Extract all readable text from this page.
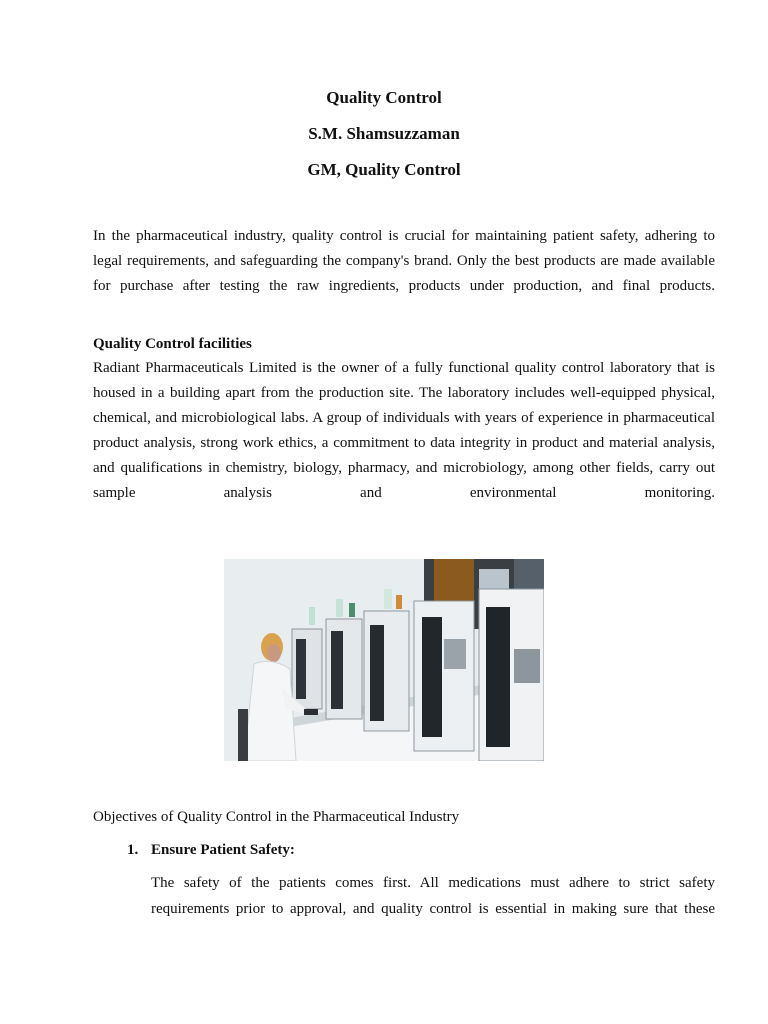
Quality Control
S.M. Shamsuzzaman
GM, Quality Control

In the pharmaceutical industry, quality control is crucial for maintaining patient safety, adhering to legal requirements, and safeguarding the company's brand. Only the best products are made available for purchase after testing the raw ingredients, products under production, and final products.

Quality Control facilities

Radiant Pharmaceuticals Limited is the owner of a fully functional quality control laboratory that is housed in a building apart from the production site. The laboratory includes well-equipped physical, chemical, and microbiological labs. A group of individuals with years of experience in pharmaceutical product analysis, strong work ethics, a commitment to data integrity in product and material analysis, and qualifications in chemistry, biology, pharmacy, and microbiology, among other fields, carry out sample analysis and environmental monitoring.

Objectives of Quality Control in the Pharmaceutical Industry
1. Ensure Patient Safety:

The safety of the patients comes first. All medications must adhere to strict safety requirements prior to approval, and quality control is essential in making sure that these
